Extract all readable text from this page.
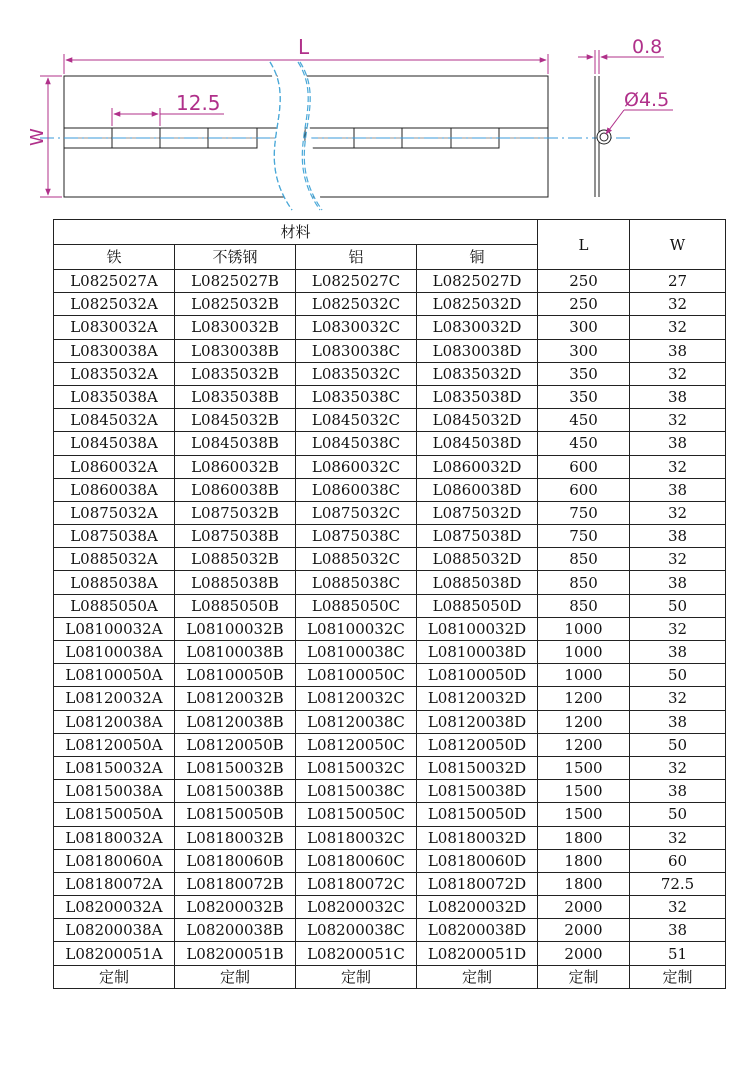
L
W
12.5
0.8
Ø4.5
材料				L	W
铁	不锈钢	铝	铜		
L0825027A	L0825027B	L0825027C	L0825027D	250	27
L0825032A	L0825032B	L0825032C	L0825032D	250	32
L0830032A	L0830032B	L0830032C	L0830032D	300	32
L0830038A	L0830038B	L0830038C	L0830038D	300	38
L0835032A	L0835032B	L0835032C	L0835032D	350	32
L0835038A	L0835038B	L0835038C	L0835038D	350	38
L0845032A	L0845032B	L0845032C	L0845032D	450	32
L0845038A	L0845038B	L0845038C	L0845038D	450	38
L0860032A	L0860032B	L0860032C	L0860032D	600	32
L0860038A	L0860038B	L0860038C	L0860038D	600	38
L0875032A	L0875032B	L0875032C	L0875032D	750	32
L0875038A	L0875038B	L0875038C	L0875038D	750	38
L0885032A	L0885032B	L0885032C	L0885032D	850	32
L0885038A	L0885038B	L0885038C	L0885038D	850	38
L0885050A	L0885050B	L0885050C	L0885050D	850	50
L08100032A	L08100032B	L08100032C	L08100032D	1000	32
L08100038A	L08100038B	L08100038C	L08100038D	1000	38
L08100050A	L08100050B	L08100050C	L08100050D	1000	50
L08120032A	L08120032B	L08120032C	L08120032D	1200	32
L08120038A	L08120038B	L08120038C	L08120038D	1200	38
L08120050A	L08120050B	L08120050C	L08120050D	1200	50
L08150032A	L08150032B	L08150032C	L08150032D	1500	32
L08150038A	L08150038B	L08150038C	L08150038D	1500	38
L08150050A	L08150050B	L08150050C	L08150050D	1500	50
L08180032A	L08180032B	L08180032C	L08180032D	1800	32
L08180060A	L08180060B	L08180060C	L08180060D	1800	60
L08180072A	L08180072B	L08180072C	L08180072D	1800	72.5
L08200032A	L08200032B	L08200032C	L08200032D	2000	32
L08200038A	L08200038B	L08200038C	L08200038D	2000	38
L08200051A	L08200051B	L08200051C	L08200051D	2000	51
定制	定制	定制	定制	定制	定制
